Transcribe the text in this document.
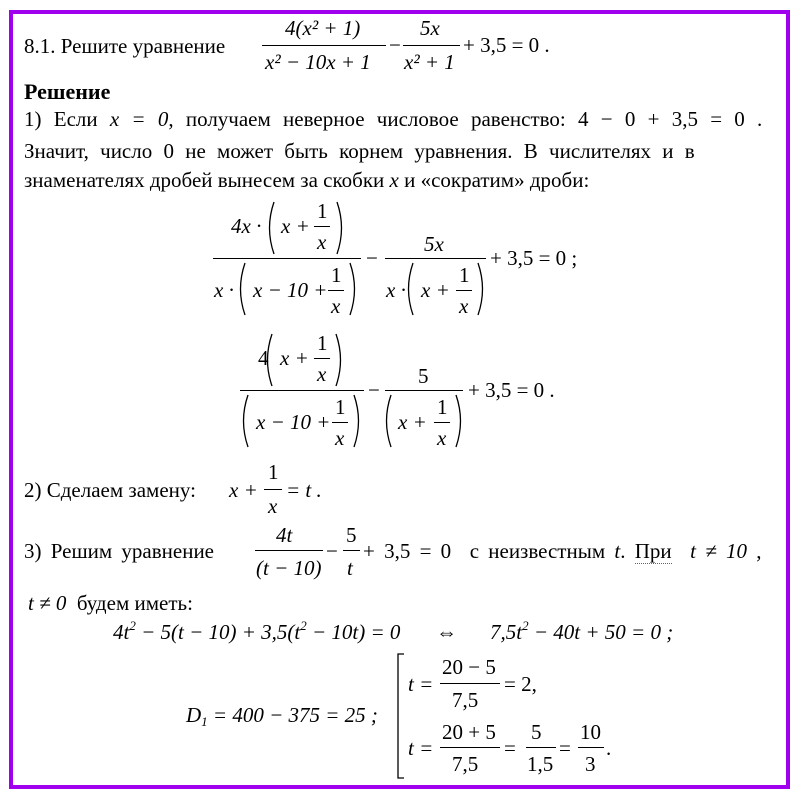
8.1. Решите уравнение
4(x² + 1)
x² − 10x + 1
−
5x
x² + 1
+ 3,5 = 0 .
Решение
1) Если x = 0, получаем неверное числовое равенство: 4 − 0 + 3,5 = 0 .
Значит, число 0 не может быть корнем уравнения. В числителях и в
знаменателях дробей вынесем за скобки x и «сократим» дроби:
4x · x +
1
x
x · x − 10 +
1
x
−
5x
x · x +
1
x
+ 3,5 = 0 ;
4 x +
1
x
x − 10 +
1
x
−
5
x +
1
x
+ 3,5 = 0 .
2) Сделаем замену: x +
1
x
= t .
3) Решим уравнение
4t
(t − 10)
−
5
t
+ 3,5 = 0 с неизвестным t. При t ≠ 10 ,
t ≠ 0 будем иметь:
$4t^2 - 5(t - 10) + 3,5(t^2 - 10t) = 0$ ⇔ $7,5t^2 - 40t + 50 = 0$ ;
$D_1 = 400 - 375 = 25$ ;
t =
20 − 5
7,5
= 2,
t =
20 + 5
7,5
=
5
1,5
=
10
3
.
